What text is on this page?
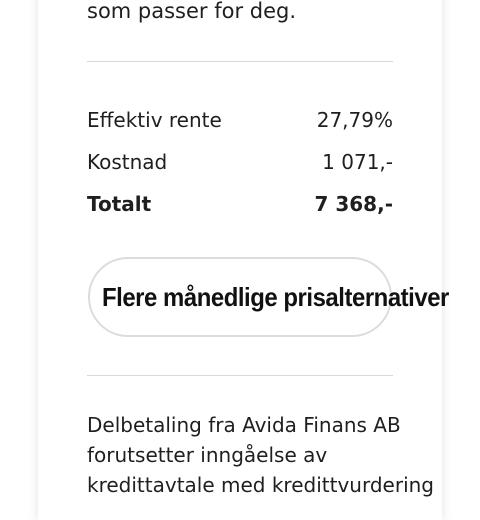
som passer for deg.
Effektiv rente	27,79%
Kostnad	1 071,-
Totalt	7 368,-
Flere månedlige prisalternativer
Delbetaling fra Avida Finans AB
forutsetter inngåelse av
kredittavtale med kredittvurdering
